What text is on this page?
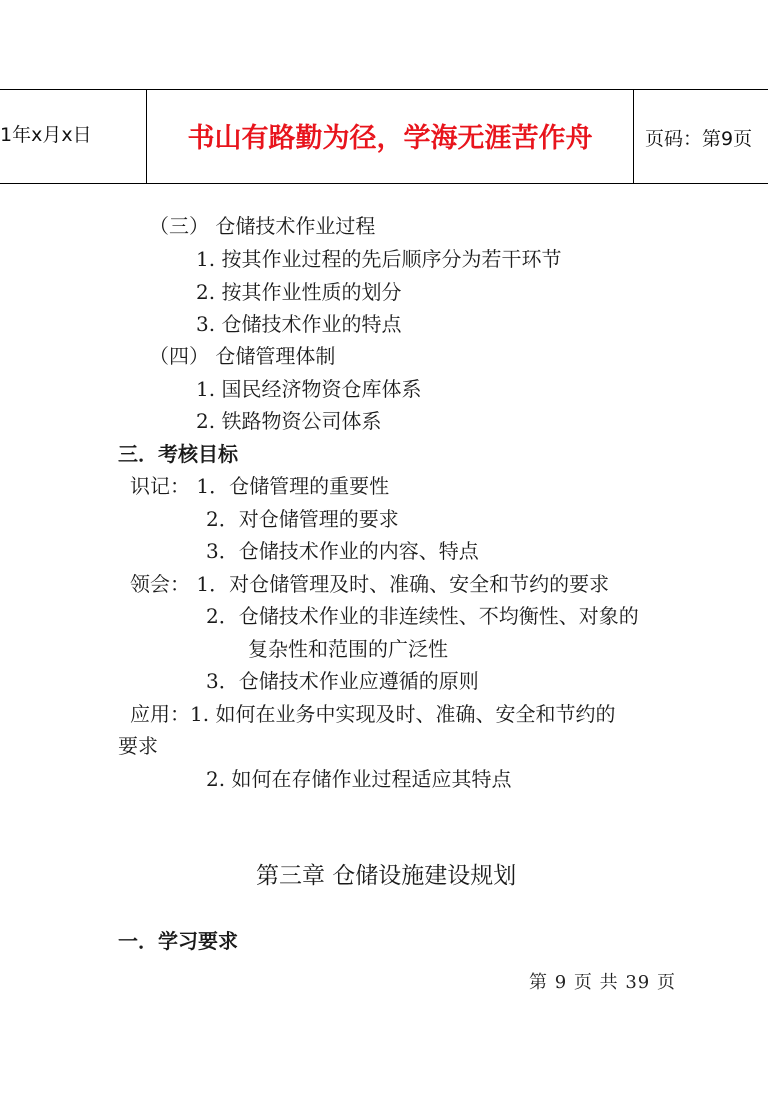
1年x月x日	书山有路勤为径，学海无涯苦作舟	页码：第9页
（三） 仓储技术作业过程
1. 按其作业过程的先后顺序分为若干环节
2. 按其作业性质的划分
3. 仓储技术作业的特点
（四） 仓储管理体制
1. 国民经济物资仓库体系
2. 铁路物资公司体系
三．考核目标
识记： 1．仓储管理的重要性
2．对仓储管理的要求
3．仓储技术作业的内容、特点
领会： 1．对仓储管理及时、准确、安全和节约的要求
2．仓储技术作业的非连续性、不均衡性、对象的
复杂性和范围的广泛性
3．仓储技术作业应遵循的原则
应用：1. 如何在业务中实现及时、准确、安全和节约的
要求
2. 如何在存储作业过程适应其特点
第三章 仓储设施建设规划
一．学习要求
第 9 页 共 39 页
